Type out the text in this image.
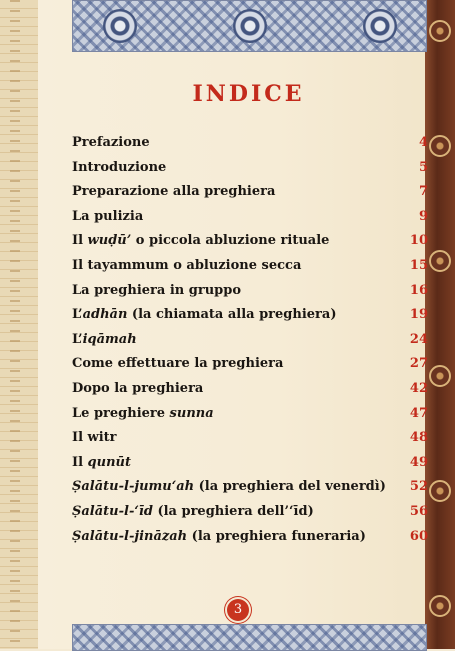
INDICE
Prefazione	4
Introduzione	5
Preparazione alla preghiera	7
La pulizia	9
Il wuḍū’ o piccola abluzione rituale	10
Il tayammum o abluzione secca	15
La preghiera in gruppo	16
L’adhān (la chiamata alla preghiera)	19
L’iqāmah	24
Come effettuare la preghiera	27
Dopo la preghiera	42
Le preghiere sunna	47
Il witr	48
Il qunūt	49
Ṣalātu-l-jumu‘ah (la preghiera del venerdì) 52
Ṣalātu-l-‘īd (la preghiera dell’‘īd)	56
Ṣalātu-l-jināzah (la preghiera funeraria)	60
3
